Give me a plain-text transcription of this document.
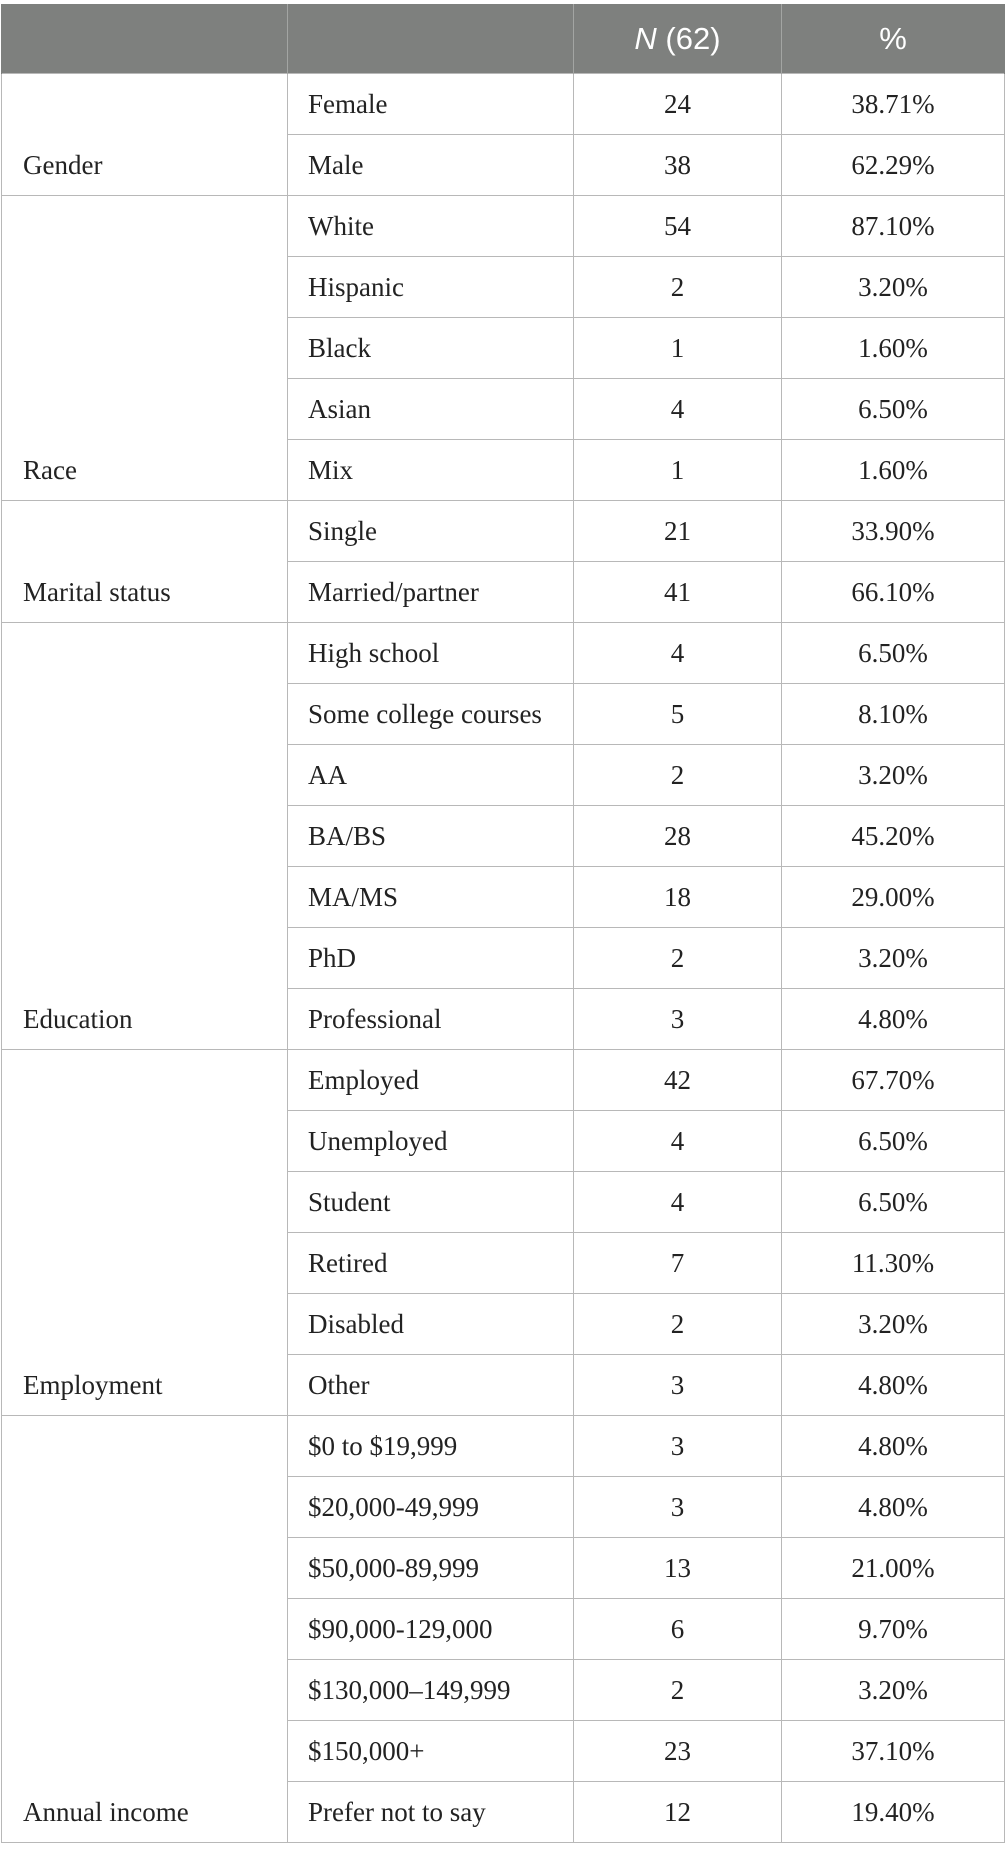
		N (62)	%
Gender	Female	24	38.71%
	Male	38	62.29%
Race	White	54	87.10%
	Hispanic	2	3.20%
	Black	1	1.60%
	Asian	4	6.50%
	Mix	1	1.60%
Marital status	Single	21	33.90%
	Married/partner	41	66.10%
Education	High school	4	6.50%
	Some college courses	5	8.10%
	AA	2	3.20%
	BA/BS	28	45.20%
	MA/MS	18	29.00%
	PhD	2	3.20%
	Professional	3	4.80%
Employment	Employed	42	67.70%
	Unemployed	4	6.50%
	Student	4	6.50%
	Retired	7	11.30%
	Disabled	2	3.20%
	Other	3	4.80%
Annual income	$0 to $19,999	3	4.80%
	$20,000-49,999	3	4.80%
	$50,000-89,999	13	21.00%
	$90,000-129,000	6	9.70%
	$130,000–149,999	2	3.20%
	$150,000+	23	37.10%
	Prefer not to say	12	19.40%
